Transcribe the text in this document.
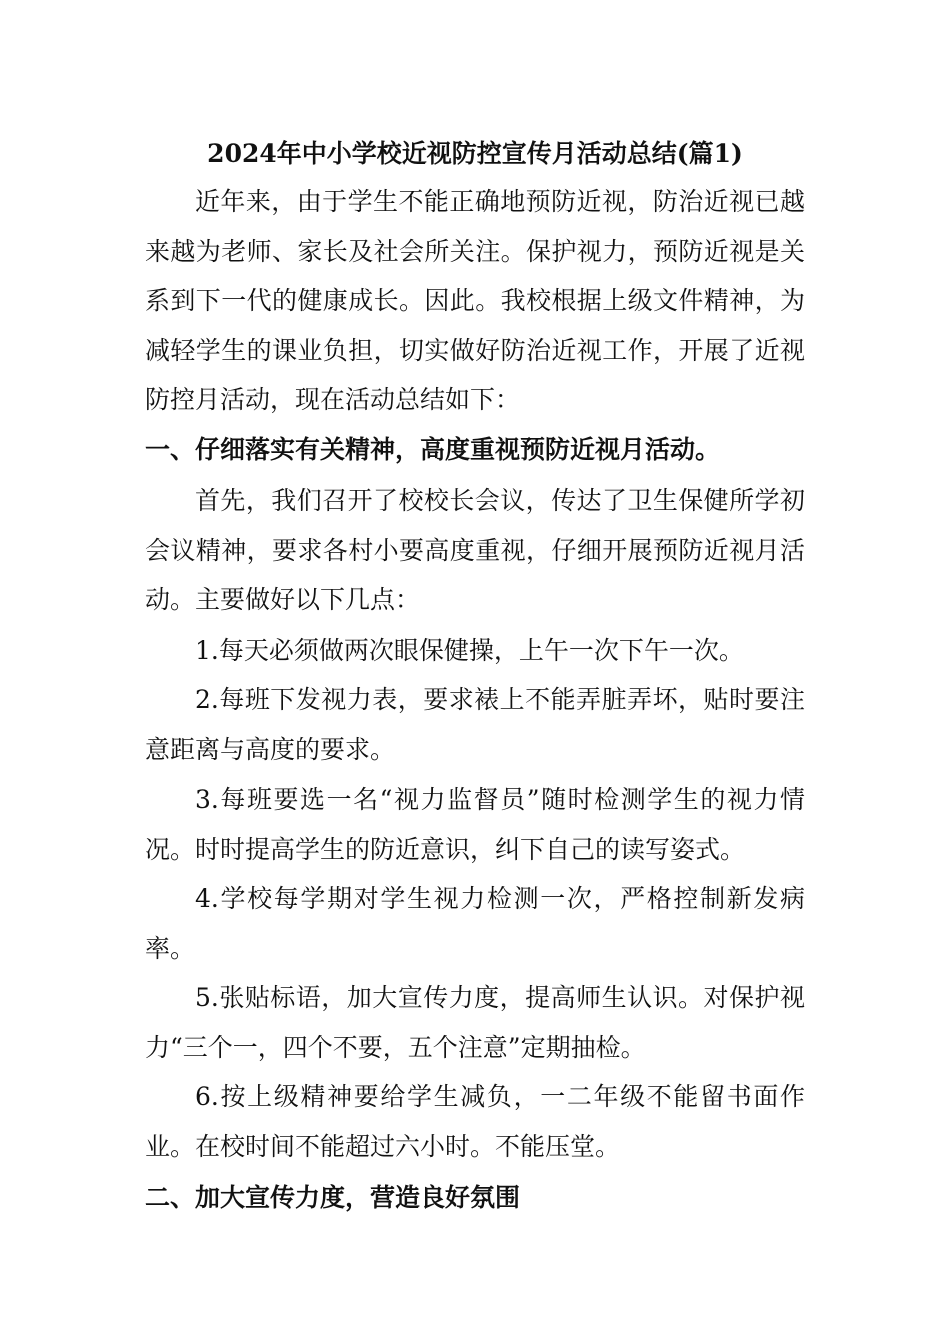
2024年中小学校近视防控宣传月活动总结(篇1)

近年来，由于学生不能正确地预防近视，防治近视已越来越为老师、家长及社会所关注。保护视力，预防近视是关系到下一代的健康成长。因此。我校根据上级文件精神，为减轻学生的课业负担，切实做好防治近视工作，开展了近视防控月活动，现在活动总结如下：

一、仔细落实有关精神，高度重视预防近视月活动。

首先，我们召开了校校长会议，传达了卫生保健所学初会议精神，要求各村小要高度重视，仔细开展预防近视月活动。主要做好以下几点：

1.每天必须做两次眼保健操，上午一次下午一次。

2.每班下发视力表，要求裱上不能弄脏弄坏，贴时要注意距离与高度的要求。

3.每班要选一名“视力监督员”随时检测学生的视力情况。时时提高学生的防近意识，纠下自己的读写姿式。

4.学校每学期对学生视力检测一次，严格控制新发病率。

5.张贴标语，加大宣传力度，提高师生认识。对保护视力“三个一，四个不要，五个注意”定期抽检。

6.按上级精神要给学生减负，一二年级不能留书面作业。在校时间不能超过六小时。不能压堂。

二、加大宣传力度，营造良好氛围
